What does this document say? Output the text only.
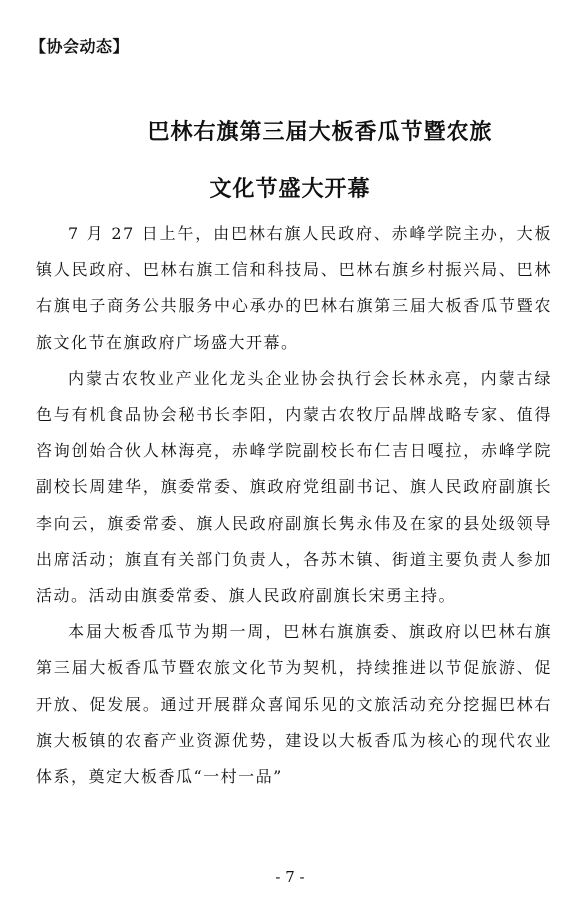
【协会动态】
巴林右旗第三届大板香瓜节暨农旅
文化节盛大开幕

7 月 27 日上午，由巴林右旗人民政府、赤峰学院主办，大板镇人民政府、巴林右旗工信和科技局、巴林右旗乡村振兴局、巴林右旗电子商务公共服务中心承办的巴林右旗第三届大板香瓜节暨农旅文化节在旗政府广场盛大开幕。

内蒙古农牧业产业化龙头企业协会执行会长林永亮，内蒙古绿色与有机食品协会秘书长李阳，内蒙古农牧厅品牌战略专家、值得咨询创始合伙人林海亮，赤峰学院副校长布仁吉日嘎拉，赤峰学院副校长周建华，旗委常委、旗政府党组副书记、旗人民政府副旗长李向云，旗委常委、旗人民政府副旗长隽永伟及在家的县处级领导出席活动；旗直有关部门负责人，各苏木镇、街道主要负责人参加活动。活动由旗委常委、旗人民政府副旗长宋勇主持。

本届大板香瓜节为期一周，巴林右旗旗委、旗政府以巴林右旗第三届大板香瓜节暨农旅文化节为契机，持续推进以节促旅游、促开放、促发展。通过开展群众喜闻乐见的文旅活动充分挖掘巴林右旗大板镇的农畜产业资源优势，建设以大板香瓜为核心的现代农业体系，奠定大板香瓜“一村一品”

- 7 -
